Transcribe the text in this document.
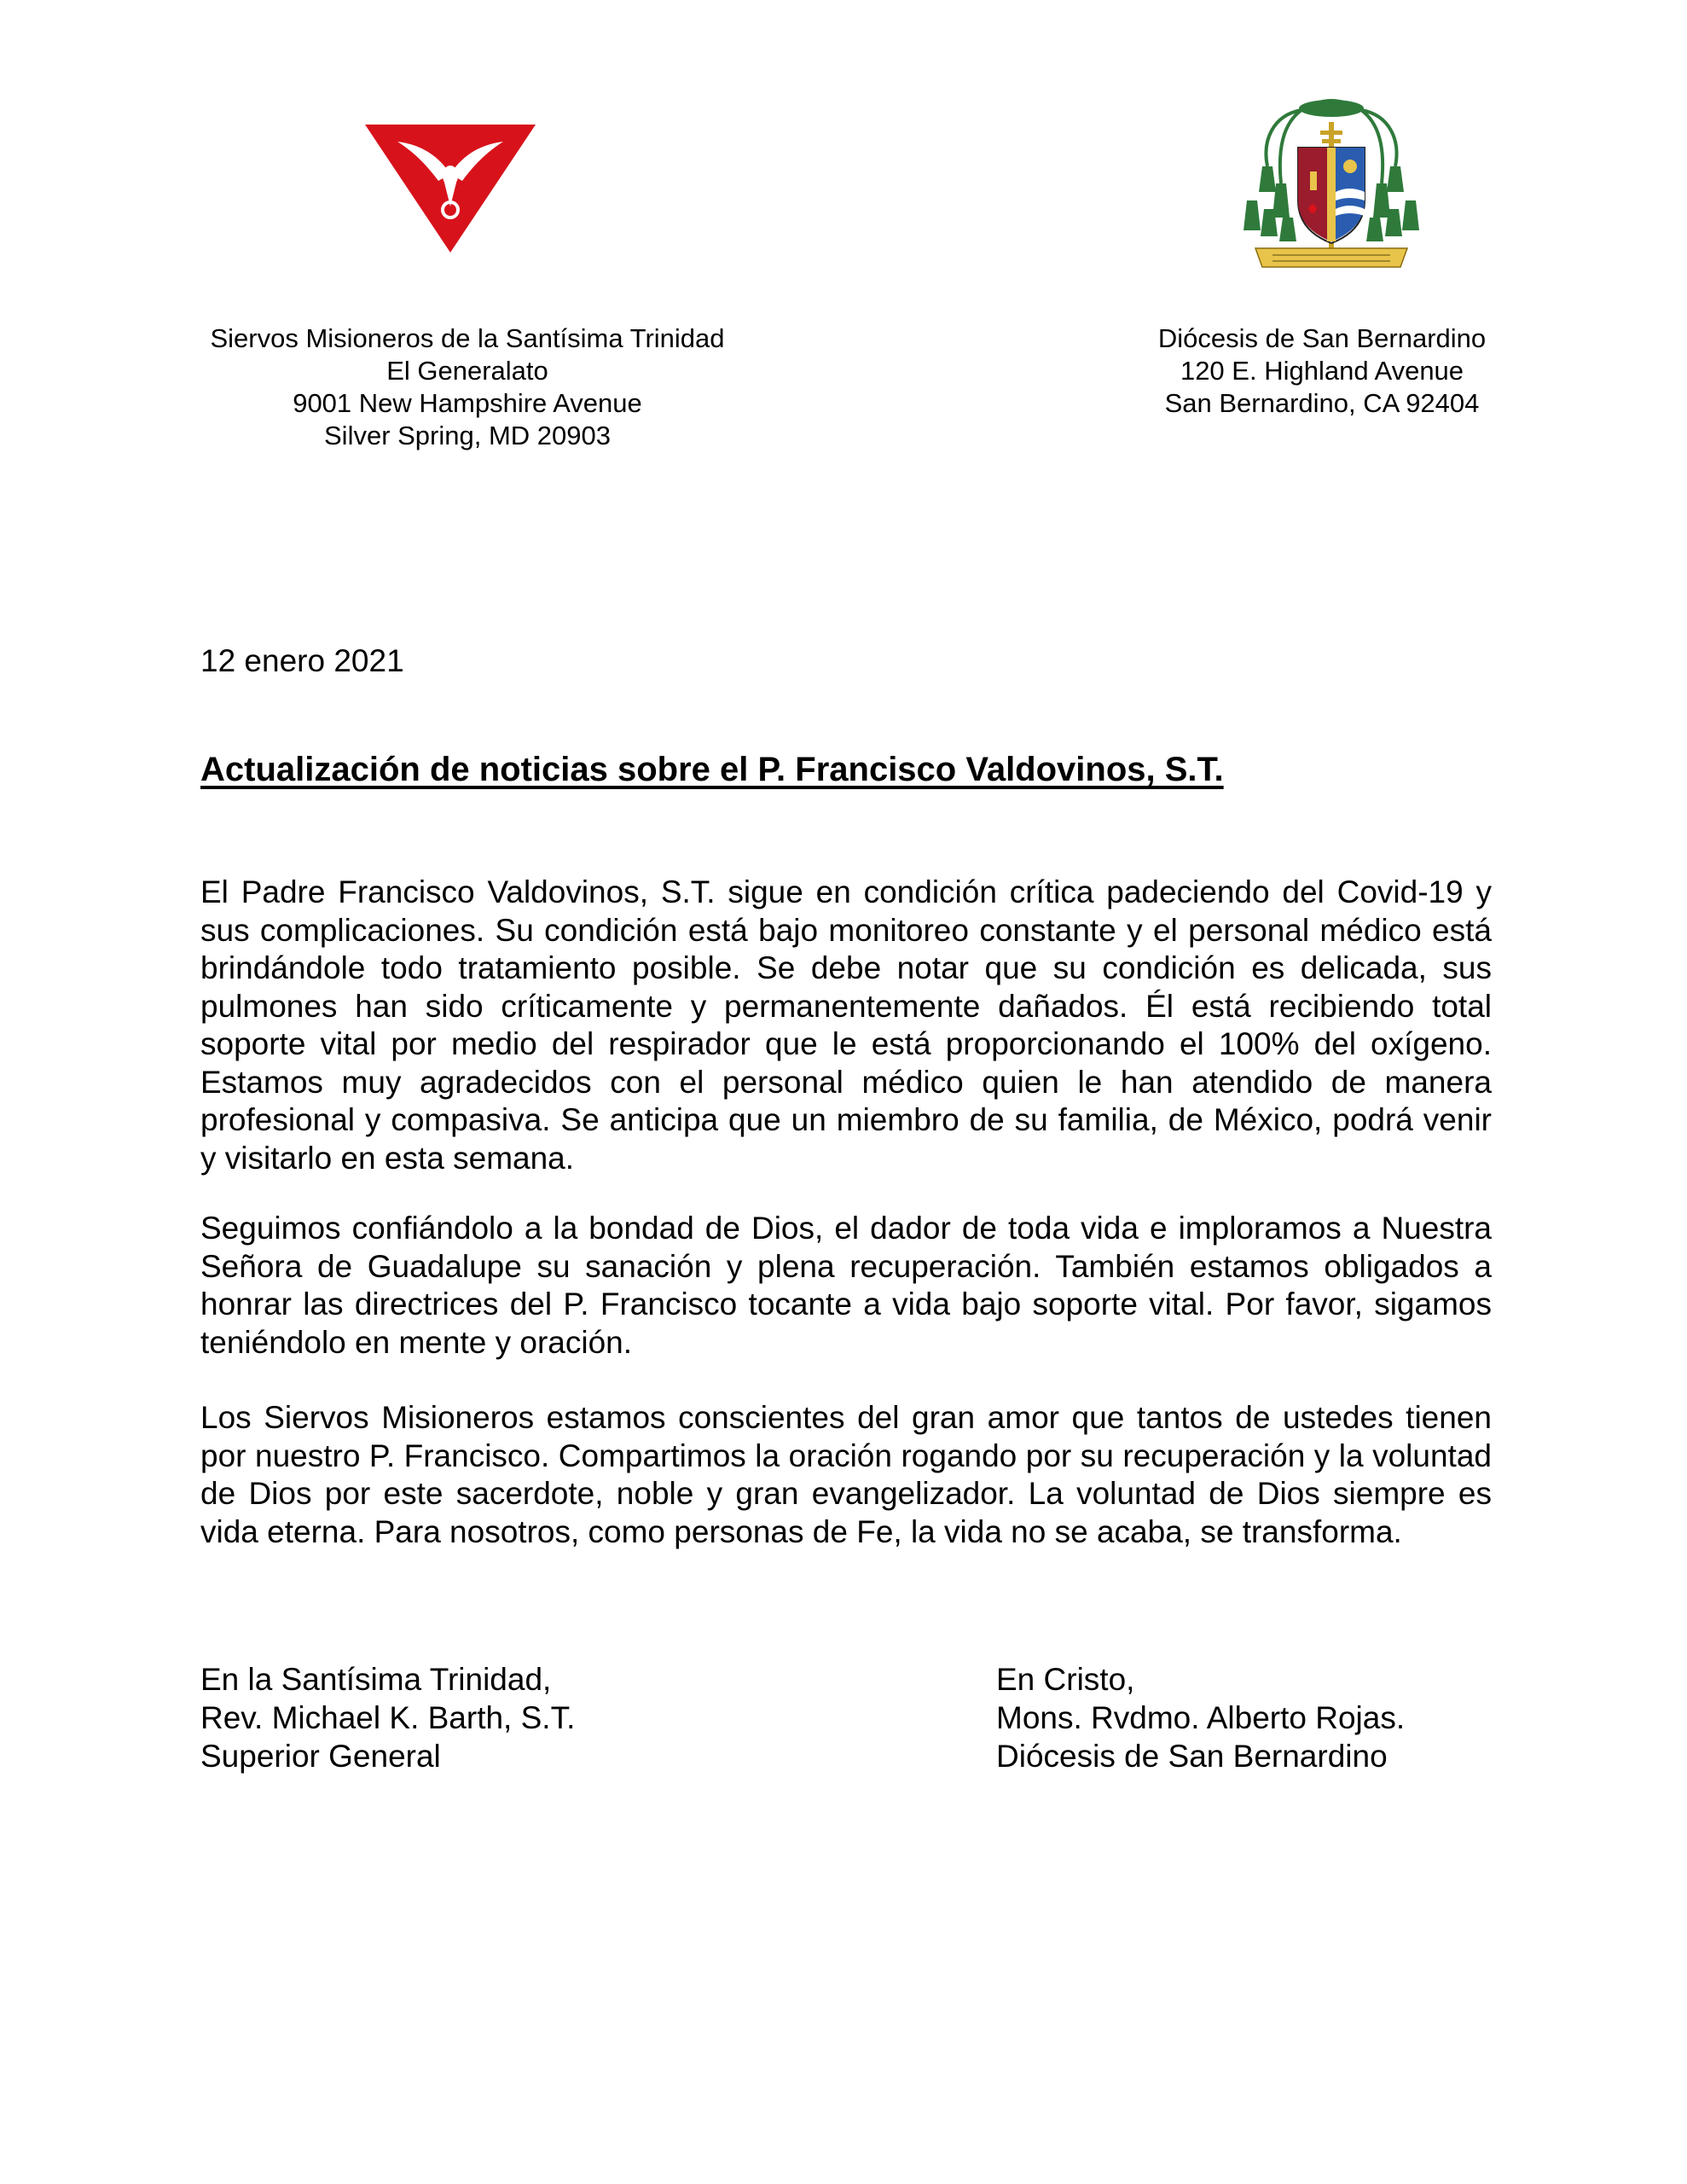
Siervos Misioneros de la Santísima Trinidad
El Generalato
9001 New Hampshire Avenue
Silver Spring, MD 20903
Diócesis de San Bernardino
120 E. Highland Avenue
San Bernardino, CA 92404
12 enero 2021
Actualización de noticias sobre el P. Francisco Valdovinos, S.T.

El Padre Francisco Valdovinos, S.T. sigue en condición crítica padeciendo del Covid-19 y sus complicaciones. Su condición está bajo monitoreo constante y el personal médico está brindándole todo tratamiento posible. Se debe notar que su condición es delicada, sus pulmones han sido críticamente y permanentemente dañados. Él está recibiendo total soporte vital por medio del respirador que le está proporcionando el 100% del oxígeno. Estamos muy agradecidos con el personal médico quien le han atendido de manera profesional y compasiva. Se anticipa que un miembro de su familia, de México, podrá venir y visitarlo en esta semana.

Seguimos confiándolo a la bondad de Dios, el dador de toda vida e imploramos a Nuestra Señora de Guadalupe su sanación y plena recuperación. También estamos obligados a honrar las directrices del P. Francisco tocante a vida bajo soporte vital. Por favor, sigamos teniéndolo en mente y oración.

Los Siervos Misioneros estamos conscientes del gran amor que tantos de ustedes tienen por nuestro P. Francisco. Compartimos la oración rogando por su recuperación y la voluntad de Dios por este sacerdote, noble y gran evangelizador. La voluntad de Dios siempre es vida eterna. Para nosotros, como personas de Fe, la vida no se acaba, se transforma.

En la Santísima Trinidad,
Rev. Michael K. Barth, S.T.
Superior General
En Cristo,
Mons. Rvdmo. Alberto Rojas.
Diócesis de San Bernardino
